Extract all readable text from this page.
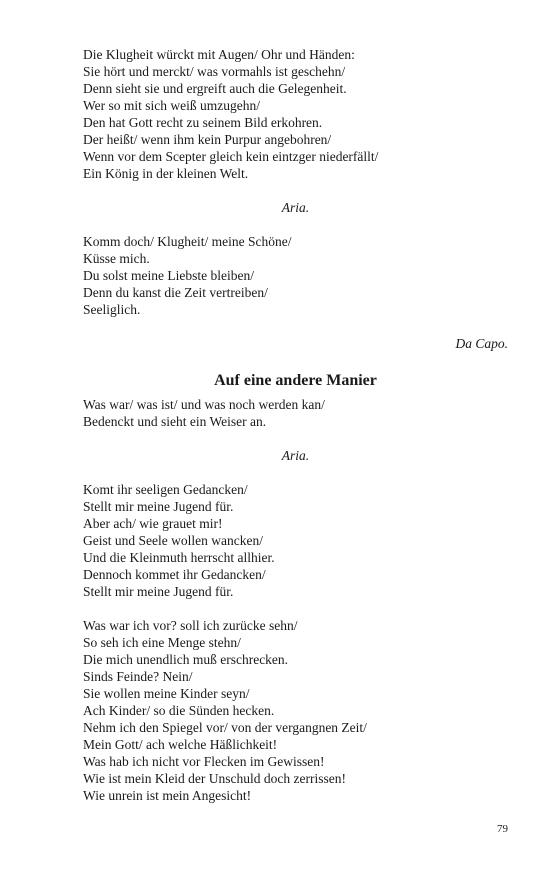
Die Klugheit würckt mit Augen/ Ohr und Händen:
Sie hört und merckt/ was vormahls ist geschehn/
Denn sieht sie und ergreift auch die Gelegenheit.
Wer so mit sich weiß umzugehn/
Den hat Gott recht zu seinem Bild erkohren.
Der heißt/ wenn ihm kein Purpur angebohren/
Wenn vor dem Scepter gleich kein eintzger niederfällt/
Ein König in der kleinen Welt.
Aria.
Komm doch/ Klugheit/ meine Schöne/
Küsse mich.
Du solst meine Liebste bleiben/
Denn du kanst die Zeit vertreiben/
Seeliglich.
Da Capo.
Auf eine andere Manier
Was war/ was ist/ und was noch werden kan/
Bedenckt und sieht ein Weiser an.
Aria.
Komt ihr seeligen Gedancken/
Stellt mir meine Jugend für.
Aber ach/ wie grauet mir!
Geist und Seele wollen wancken/
Und die Kleinmuth herrscht allhier.
Dennoch kommet ihr Gedancken/
Stellt mir meine Jugend für.
Was war ich vor? soll ich zurücke sehn/
So seh ich eine Menge stehn/
Die mich unendlich muß erschrecken.
Sinds Feinde? Nein/
Sie wollen meine Kinder seyn/
Ach Kinder/ so die Sünden hecken.
Nehm ich den Spiegel vor/ von der vergangnen Zeit/
Mein Gott/ ach welche Häßlichkeit!
Was hab ich nicht vor Flecken im Gewissen!
Wie ist mein Kleid der Unschuld doch zerrissen!
Wie unrein ist mein Angesicht!
79
